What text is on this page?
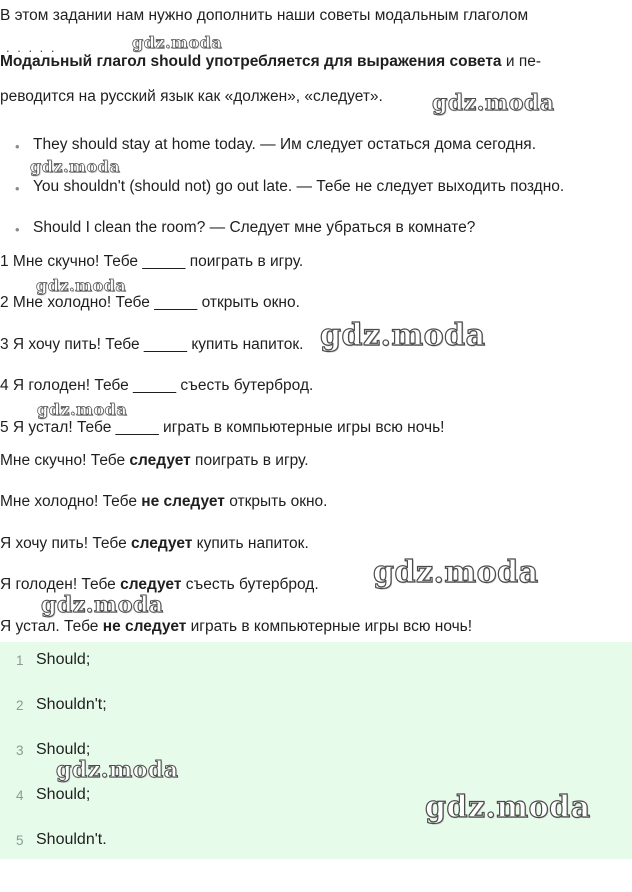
В этом задании нам нужно дополнить наши советы модальным глаголом
. . . . .
Модальный глагол should употребляется для выражения совета и пе-
реводится на русский язык как «должен», «следует».
• They should stay at home today. — Им следует остаться дома сегодня.
• You shouldn't (should not) go out late. — Тебе не следует выходить поздно.
• Should I clean the room? — Следует мне убраться в комнате?
1 Мне скучно! Тебе _____ поиграть в игру.
2 Мне холодно! Тебе _____ открыть окно.
3 Я хочу пить! Тебе _____ купить напиток.
4 Я голоден! Тебе _____ съесть бутерброд.
5 Я устал! Тебе _____ играть в компьютерные игры всю ночь!
Мне скучно! Тебе следует поиграть в игру.
Мне холодно! Тебе не следует открыть окно.
Я хочу пить! Тебе следует купить напиток.
Я голоден! Тебе следует съесть бутерброд.
Я устал. Тебе не следует играть в компьютерные игры всю ночь!
1 Should;
2 Shouldn't;
3 Should;
4 Should;
5 Shouldn't.
gdz.moda
gdz.moda
gdz.moda
gdz.moda
gdz.moda
gdz.moda
gdz.moda
gdz.moda
gdz.moda
gdz.moda
